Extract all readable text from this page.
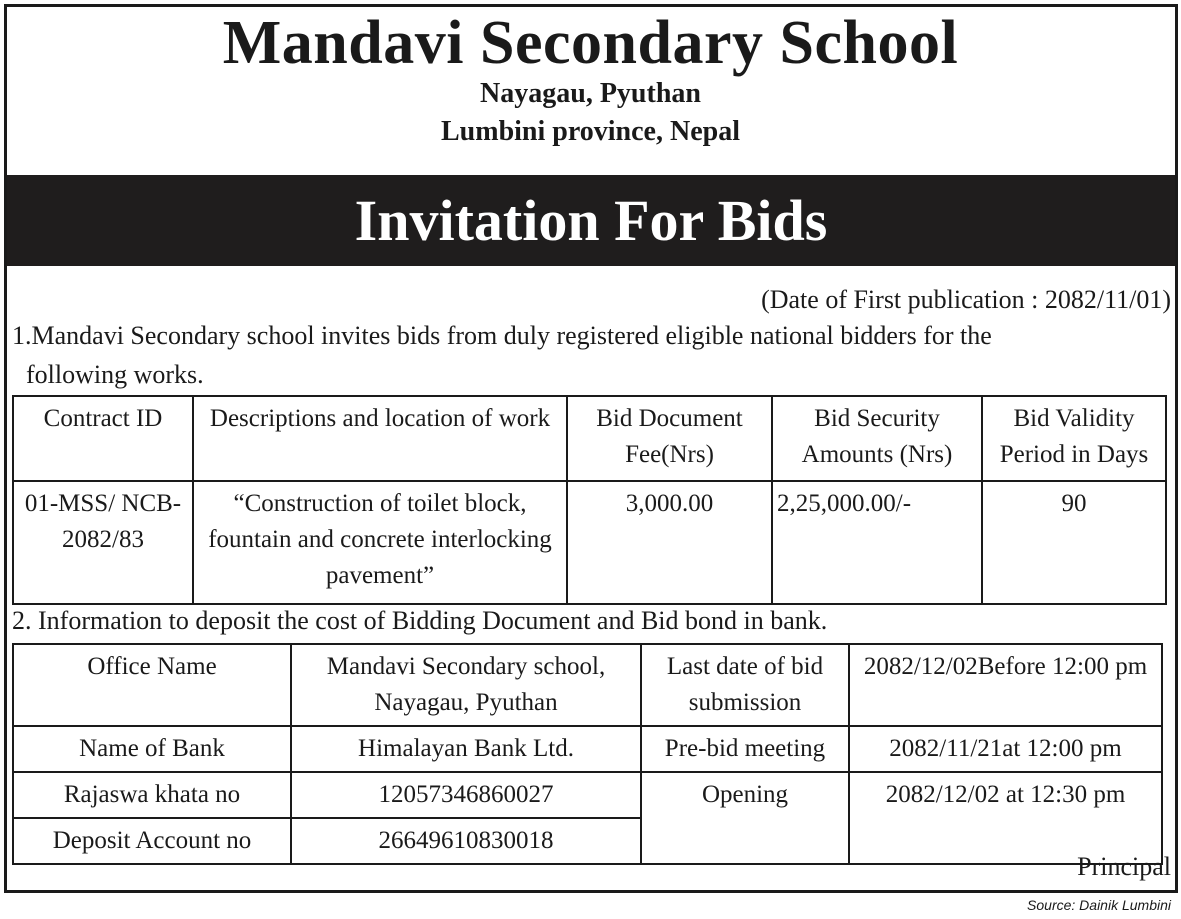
Mandavi Secondary School
Nayagau, Pyuthan
Lumbini province, Nepal
Invitation For Bids
(Date of First publication : 2082/11/01)
1.Mandavi Secondary school invites bids from duly registered eligible national bidders for the
following works.
Contract ID	Descriptions and location of work	Bid Document Fee(Nrs)	Bid Security Amounts (Nrs)	Bid Validity Period in Days
01-MSS/ NCB- 2082/83	“Construction of toilet block, fountain and concrete interlocking pavement”	3,000.00	2,25,000.00/-	90
2. Information to deposit the cost of Bidding Document and Bid bond in bank.
Office Name	Mandavi Secondary school, Nayagau, Pyuthan	Last date of bid submission	2082/12/02Before 12:00 pm
Name of Bank	Himalayan Bank Ltd.	Pre-bid meeting	2082/11/21at 12:00 pm
Rajaswa khata no	12057346860027	Opening	2082/12/02 at 12:30 pm
Deposit Account no	26649610830018		
Principal
Source: Dainik Lumbini
